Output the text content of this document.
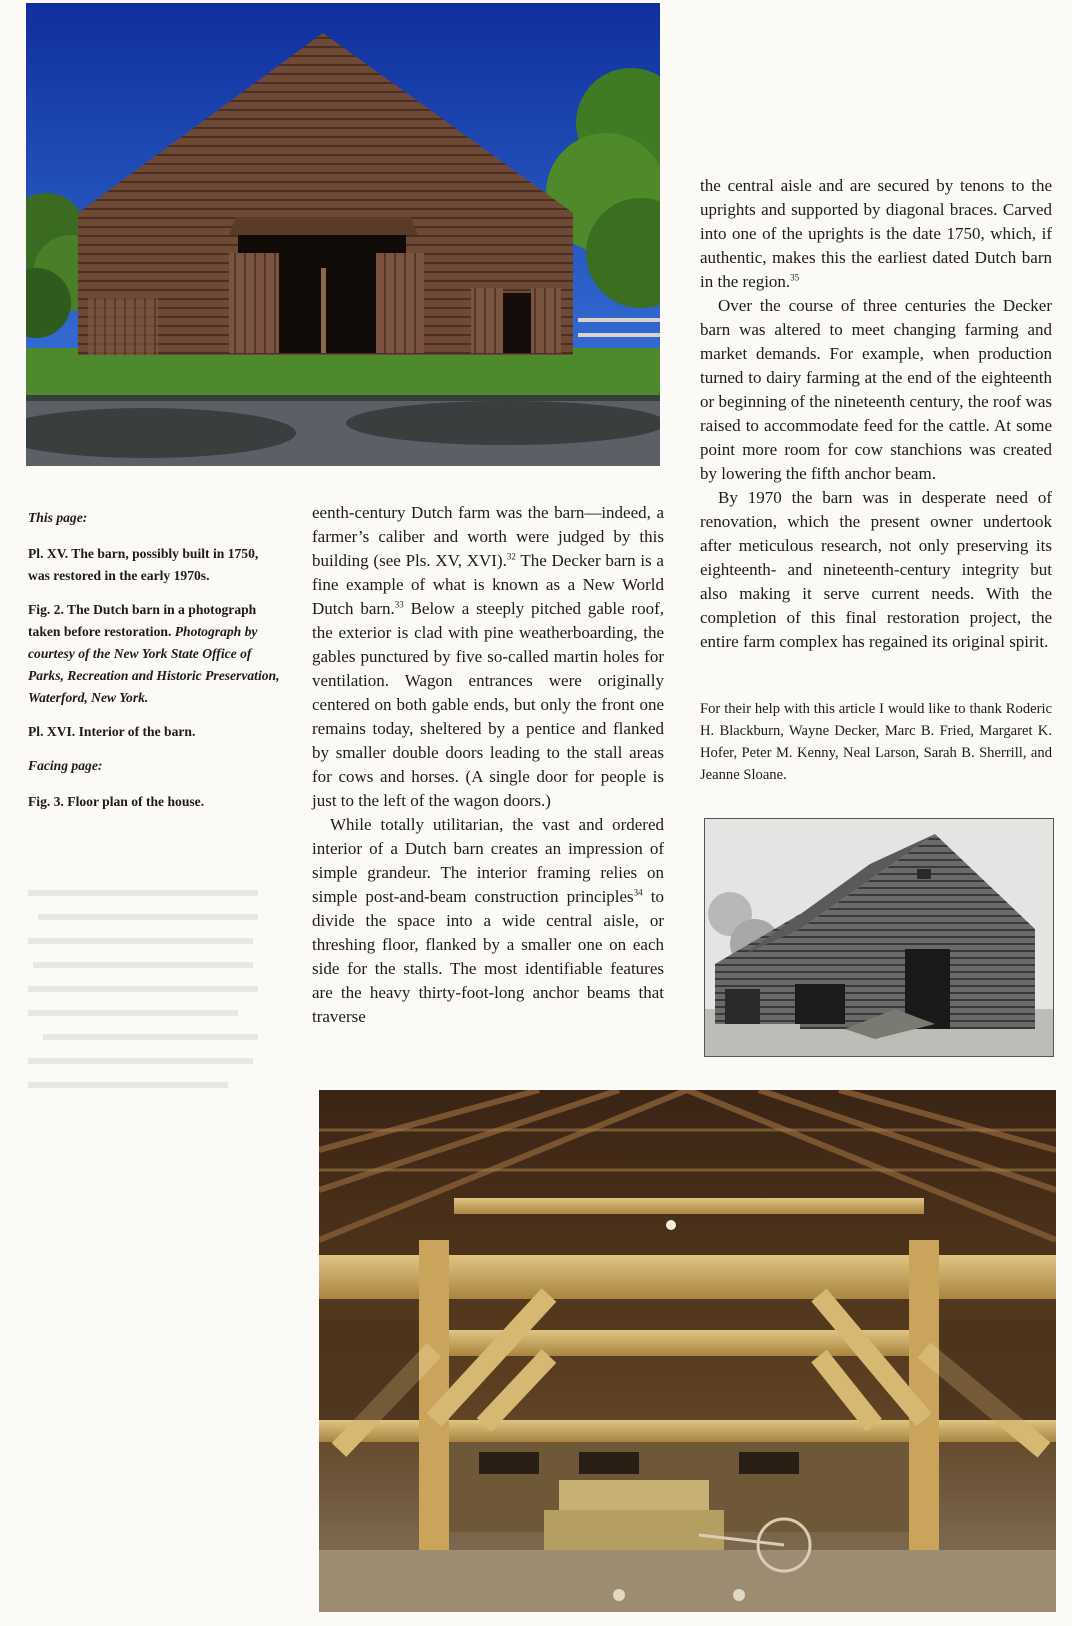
This page:

Pl. XV. The barn, possibly built in 1750, was restored in the early 1970s.

Fig. 2. The Dutch barn in a photograph taken before restoration. Photograph by courtesy of the New York State Office of Parks, Recreation and Historic Preservation, Waterford, New York.

Pl. XVI. Interior of the barn.

Facing page:

Fig. 3. Floor plan of the house.

eenth-century Dutch farm was the barn—indeed, a farmer’s caliber and worth were judged by this building (see Pls. XV, XVI).$^{32}$ The Decker barn is a fine example of what is known as a New World Dutch barn.$^{33}$ Below a steeply pitched gable roof, the exterior is clad with pine weatherboarding, the gables punctured by five so-called martin holes for ventilation. Wagon entrances were originally centered on both gable ends, but only the front one remains today, sheltered by a pentice and flanked by smaller double doors leading to the stall areas for cows and horses. (A single door for people is just to the left of the wagon doors.)

While totally utilitarian, the vast and ordered interior of a Dutch barn creates an impression of simple grandeur. The interior framing relies on simple post-and-beam construction principles$^{34}$ to divide the space into a wide central aisle, or threshing floor, flanked by a smaller one on each side for the stalls. The most identifiable features are the heavy thirty-foot-long anchor beams that traverse

the central aisle and are secured by tenons to the uprights and supported by diagonal braces. Carved into one of the uprights is the date 1750, which, if authentic, makes this the earliest dated Dutch barn in the region.$^{35}$

Over the course of three centuries the Decker barn was altered to meet changing farming and market demands. For example, when production turned to dairy farming at the end of the eighteenth or beginning of the nineteenth century, the roof was raised to accommodate feed for the cattle. At some point more room for cow stanchions was created by lowering the fifth anchor beam.

By 1970 the barn was in desperate need of renovation, which the present owner undertook after meticulous research, not only preserving its eighteenth- and nineteenth-century integrity but also making it serve current needs. With the completion of this final restoration project, the entire farm complex has regained its original spirit.

For their help with this article I would like to thank Roderic H. Blackburn, Wayne Decker, Marc B. Fried, Margaret K. Hofer, Peter M. Kenny, Neal Larson, Sarah B. Sherrill, and Jeanne Sloane.
